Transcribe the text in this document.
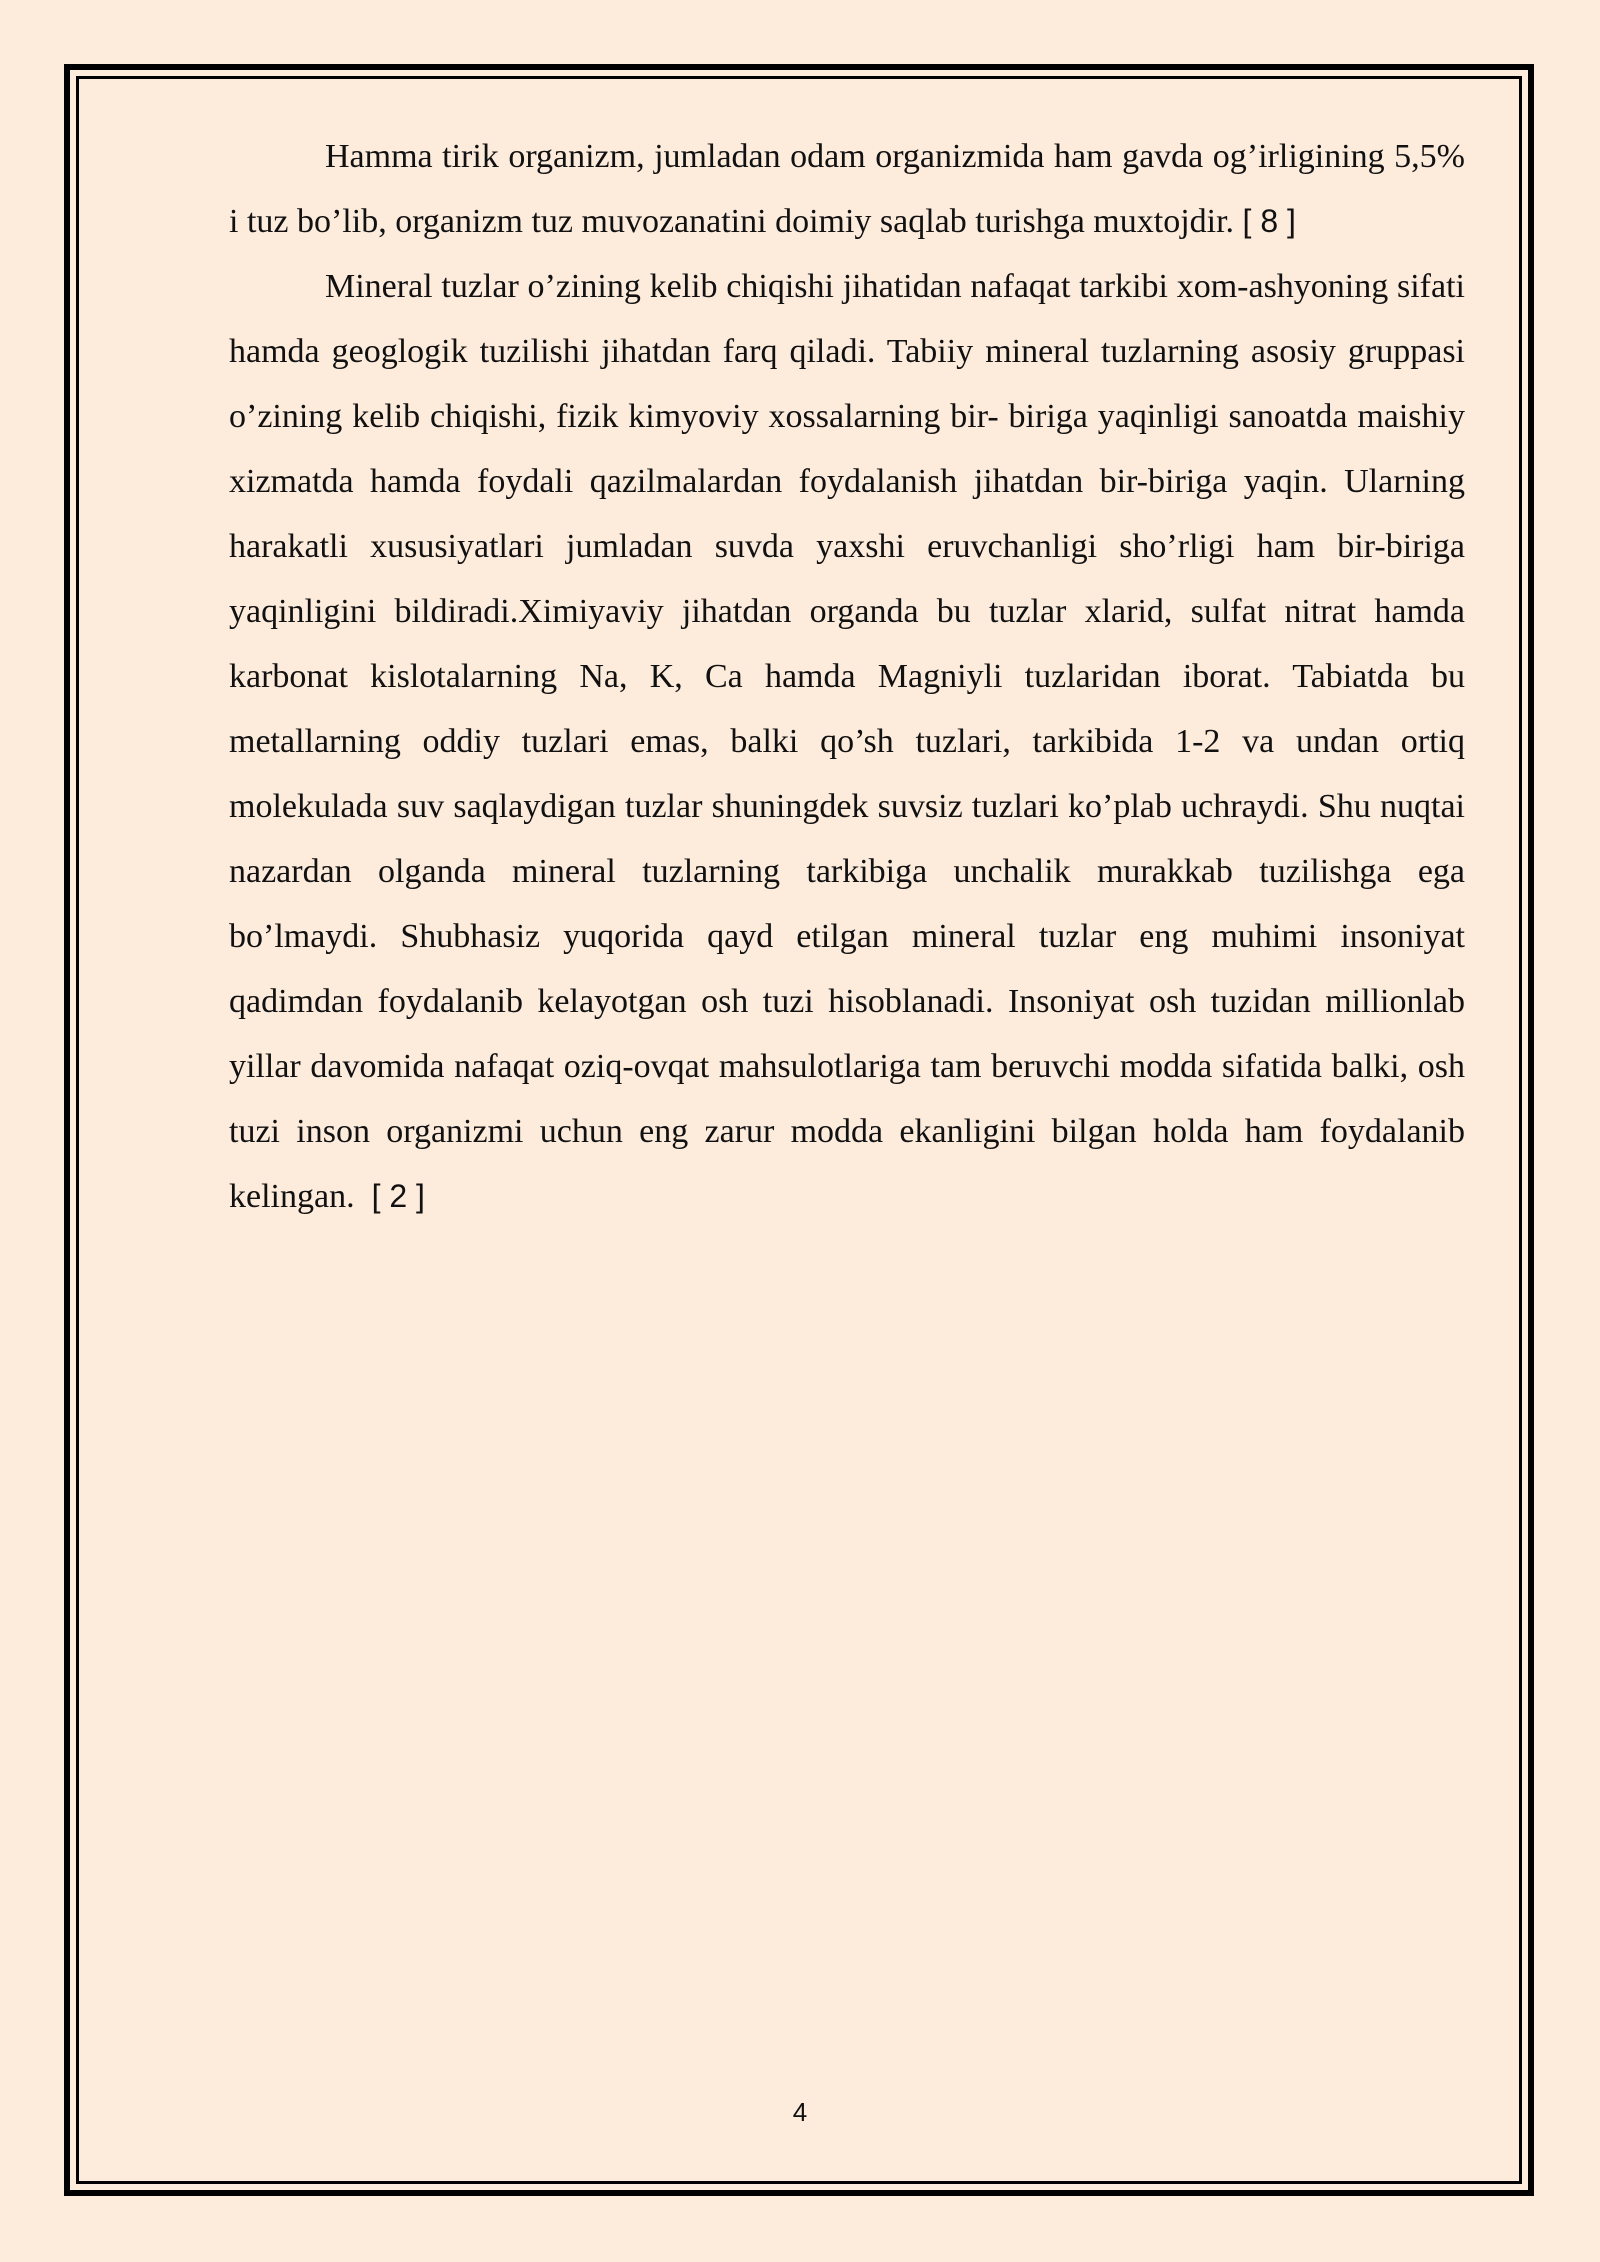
Hamma tirik organizm, jumladan odam organizmida ham gavda og’irligining 5,5% i tuz bo’lib, organizm tuz muvozanatini doimiy saqlab turishga muxtojdir. [ 8 ]

Mineral tuzlar o’zining kelib chiqishi jihatidan nafaqat tarkibi xom-ashyoning sifati hamda geoglogik tuzilishi jihatdan farq qiladi. Tabiiy mineral tuzlarning asosiy gruppasi o’zining kelib chiqishi, fizik kimyoviy xossalarning bir- biriga yaqinligi sanoatda maishiy xizmatda hamda foydali qazilmalardan foydalanish jihatdan bir-biriga yaqin. Ularning harakatli xususiyatlari jumladan suvda yaxshi eruvchanligi sho’rligi ham bir-biriga yaqinligini bildiradi.Ximiyaviy jihatdan organda bu tuzlar xlarid, sulfat nitrat hamda karbonat kislotalarning Na, K, Ca hamda Magniyli tuzlaridan iborat. Tabiatda bu metallarning oddiy tuzlari emas, balki qo’sh tuzlari, tarkibida 1-2 va undan ortiq molekulada suv saqlaydigan tuzlar shuningdek suvsiz tuzlari ko’plab uchraydi. Shu nuqtai nazardan olganda mineral tuzlarning tarkibiga unchalik murakkab tuzilishga ega bo’lmaydi. Shubhasiz yuqorida qayd etilgan mineral tuzlar eng muhimi insoniyat qadimdan foydalanib kelayotgan osh tuzi hisoblanadi. Insoniyat osh tuzidan millionlab yillar davomida nafaqat oziq-ovqat mahsulotlariga tam beruvchi modda sifatida balki, osh tuzi inson organizmi uchun eng zarur modda ekanligini bilgan holda ham foydalanib kelingan. [ 2 ]

4
